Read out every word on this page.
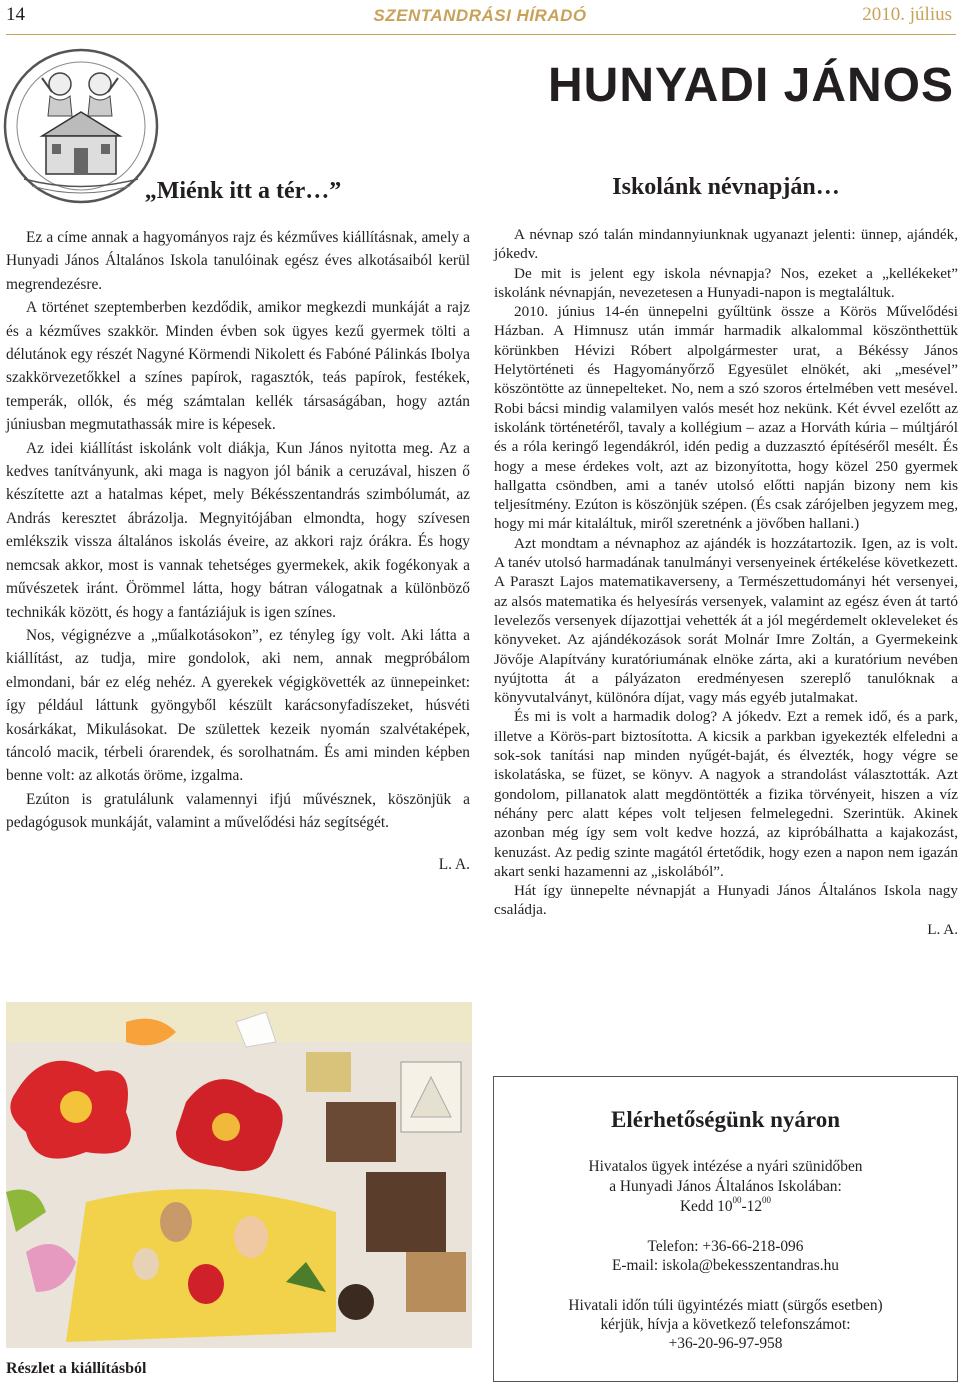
14	SZENTANDRÁSI HÍRADÓ	2010. július
HUNYADI JÁNOS
„Miénk itt a tér…”

Ez a címe annak a hagyományos rajz és kézműves kiállításnak, amely a Hunyadi János Általános Iskola tanulóinak egész éves alkotásaiból kerül megrendezésre.

A történet szeptemberben kezdődik, amikor megkezdi munkáját a rajz és a kézműves szakkör. Minden évben sok ügyes kezű gyermek tölti a délutánok egy részét Nagyné Körmendi Nikolett és Fabóné Pálinkás Ibolya szakkörvezetőkkel a színes papírok, ragasztók, teás papírok, festékek, temperák, ollók, és még számtalan kellék társaságában, hogy aztán júniusban megmutathassák mire is képesek.

Az idei kiállítást iskolánk volt diákja, Kun János nyitotta meg. Az a kedves tanítványunk, aki maga is nagyon jól bánik a ceruzával, hiszen ő készítette azt a hatalmas képet, mely Békésszentandrás szimbólumát, az András keresztet ábrázolja. Megnyitójában elmondta, hogy szívesen emlékszik vissza általános iskolás éveire, az akkori rajz órákra. És hogy nemcsak akkor, most is vannak tehetséges gyermekek, akik fogékonyak a művészetek iránt. Örömmel látta, hogy bátran válogatnak a különböző technikák között, és hogy a fantáziájuk is igen színes.

Nos, végignézve a „műalkotásokon”, ez tényleg így volt. Aki látta a kiállítást, az tudja, mire gondolok, aki nem, annak megpróbálom elmondani, bár ez elég nehéz. A gyerekek végigkövették az ünnepeinket: így például láttunk gyöngyből készült karácsonyfadíszeket, húsvéti kosárkákat, Mikulásokat. De születtek kezeik nyomán szalvétaképek, táncoló macik, térbeli órarendek, és sorolhatnám. És ami minden képben benne volt: az alkotás öröme, izgalma.

Ezúton is gratulálunk valamennyi ifjú művésznek, köszönjük a pedagógusok munkáját, valamint a művelődési ház segítségét.

L. A.

Iskolánk névnapján…

A névnap szó talán mindannyiunknak ugyanazt jelenti: ünnep, ajándék, jókedv.

De mit is jelent egy iskola névnapja? Nos, ezeket a „kellékeket” iskolánk névnapján, nevezetesen a Hunyadi-napon is megtaláltuk.

2010. június 14-én ünnepelni gyűltünk össze a Körös Művelődési Házban. A Himnusz után immár harmadik alkalommal köszönthettük körünkben Hévizi Róbert alpolgármester urat, a Békéssy János Helytörténeti és Hagyományőrző Egyesület elnökét, aki „mesével” köszöntötte az ünnepelteket. No, nem a szó szoros értelmében vett mesével. Robi bácsi mindig valamilyen valós mesét hoz nekünk. Két évvel ezelőtt az iskolánk történetéről, tavaly a kollégium – azaz a Horváth kúria – múltjáról és a róla keringő legendákról, idén pedig a duzzasztó építéséről mesélt. És hogy a mese érdekes volt, azt az bizonyította, hogy közel 250 gyermek hallgatta csöndben, ami a tanév utolsó előtti napján bizony nem kis teljesítmény. Ezúton is köszönjük szépen. (És csak zárójelben jegyzem meg, hogy mi már kitaláltuk, miről szeretnénk a jövőben hallani.)

Azt mondtam a névnaphoz az ajándék is hozzátartozik. Igen, az is volt. A tanév utolsó harmadának tanulmányi versenyeinek értékelése következett. A Paraszt Lajos matematikaverseny, a Természettudományi hét versenyei, az alsós matematika és helyesírás versenyek, valamint az egész éven át tartó levelezős versenyek díjazottjai vehették át a jól megérdemelt okleveleket és könyveket. Az ajándékozások sorát Molnár Imre Zoltán, a Gyermekeink Jövője Alapítvány kuratóriumának elnöke zárta, aki a kuratórium nevében nyújtotta át a pályázaton eredményesen szereplő tanulóknak a könyvutalványt, különóra díjat, vagy más egyéb jutalmakat.

És mi is volt a harmadik dolog? A jókedv. Ezt a remek idő, és a park, illetve a Körös-part biztosította. A kicsik a parkban igyekezték elfeledni a sok-sok tanítási nap minden nyűgét-baját, és élvezték, hogy végre se iskolatáska, se füzet, se könyv. A nagyok a strandolást választották. Azt gondolom, pillanatok alatt megdöntötték a fizika törvényeit, hiszen a víz néhány perc alatt képes volt teljesen felmelegedni. Szerintük. Akinek azonban még így sem volt kedve hozzá, az kipróbálhatta a kajakozást, kenuzást. Az pedig szinte magától értetődik, hogy ezen a napon nem igazán akart senki hazamenni az „iskolából”.

Hát így ünnepelte névnapját a Hunyadi János Általános Iskola nagy családja.

L. A.

Részlet a kiállításból
Elérhetőségünk nyáron
Hivatalos ügyek intézése a nyári szünidőben
a Hunyadi János Általános Iskolában:
Kedd $10^{00}-12^{00}$
Telefon: +36-66-218-096
E-mail: iskola@bekesszentandras.hu
Hivatali időn túli ügyintézés miatt (sürgős esetben)
kérjük, hívja a következő telefonszámot:
+36-20-96-97-958
